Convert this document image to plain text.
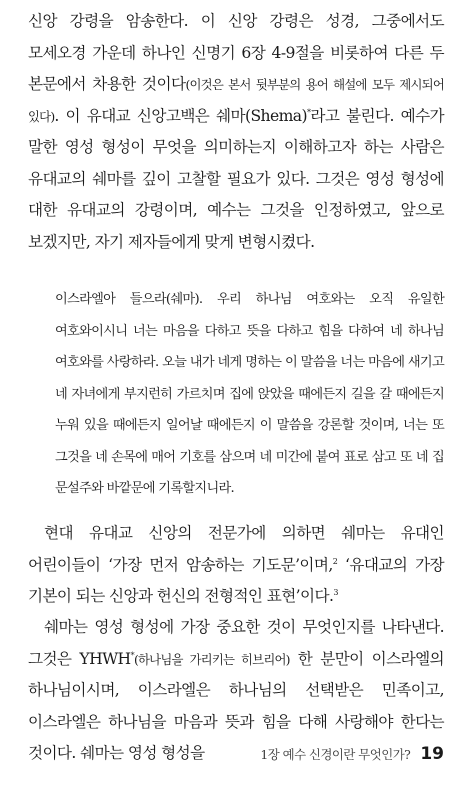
신앙 강령을 암송한다. 이 신앙 강령은 성경, 그중에서도 모세오경 가운데 하나인 신명기 6장 4-9절을 비롯하여 다른 두 본문에서 차용한 것이다(이것은 본서 뒷부분의 용어 해설에 모두 제시되어 있다). 이 유대교 신앙고백은 쉐마(Shema)*라고 불린다. 예수가 말한 영성 형성이 무엇을 의미하는지 이해하고자 하는 사람은 유대교의 쉐마를 깊이 고찰할 필요가 있다. 그것은 영성 형성에 대한 유대교의 강령이며, 예수는 그것을 인정하였고, 앞으로 보겠지만, 자기 제자들에게 맞게 변형시켰다.

이스라엘아 들으라(쉐마). 우리 하나님 여호와는 오직 유일한 여호와이시니 너는 마음을 다하고 뜻을 다하고 힘을 다하여 네 하나님 여호와를 사랑하라. 오늘 내가 네게 명하는 이 말씀을 너는 마음에 새기고 네 자녀에게 부지런히 가르치며 집에 앉았을 때에든지 길을 갈 때에든지 누워 있을 때에든지 일어날 때에든지 이 말씀을 강론할 것이며, 너는 또 그것을 네 손목에 매어 기호를 삼으며 네 미간에 붙여 표로 삼고 또 네 집 문설주와 바깥문에 기록할지니라.

현대 유대교 신앙의 전문가에 의하면 쉐마는 유대인 어린이들이 ‘가장 먼저 암송하는 기도문’이며,$^2$ ‘유대교의 가장 기본이 되는 신앙과 헌신의 전형적인 표현’이다.$^3$

쉐마는 영성 형성에 가장 중요한 것이 무엇인지를 나타낸다. 그것은 YHWH*(하나님을 가리키는 히브리어) 한 분만이 이스라엘의 하나님이시며, 이스라엘은 하나님의 선택받은 민족이고, 이스라엘은 하나님을 마음과 뜻과 힘을 다해 사랑해야 한다는 것이다. 쉐마는 영성 형성을	1장 예수 신경이란 무엇인가? 19
